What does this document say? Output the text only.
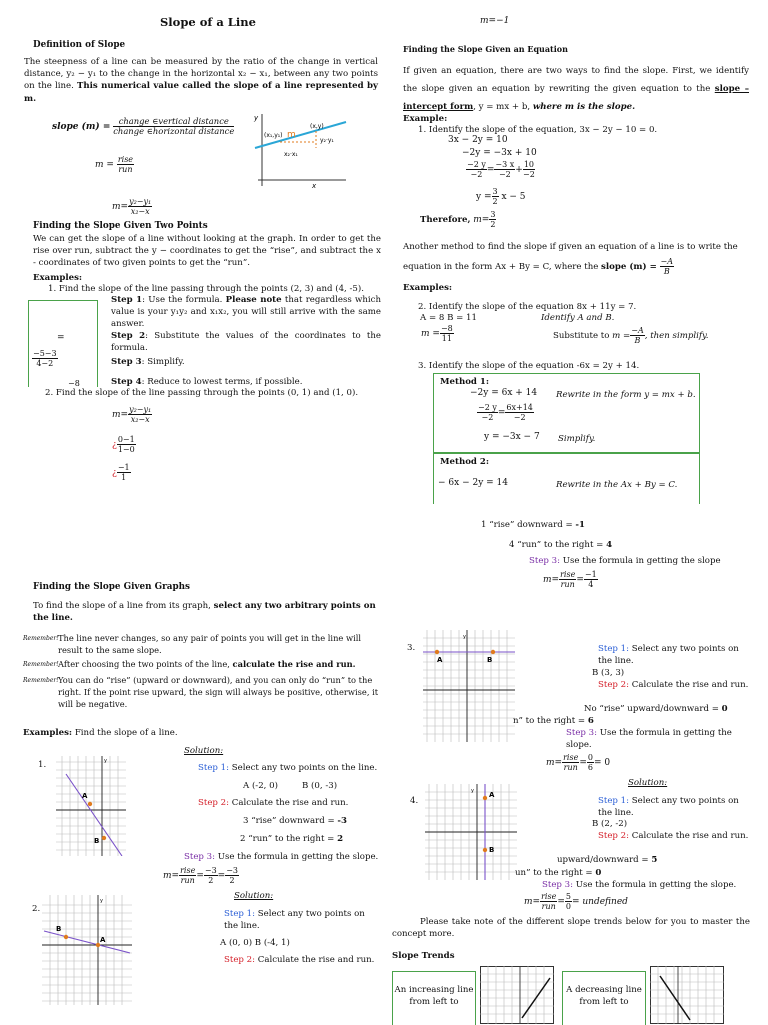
Slope of a Line
Definition of Slope
The steepness of a line can be measured by the ratio of the change in vertical distance, y₂ − y₁ to the change in the horizontal x₂ − x₁, between any two points on the line. This numerical value called the slope of a line represented by m.
slope $(m) = \frac{\text{change ∈vertical distance}}{\text{change ∈horizontal distance}}$
$m = \frac{\text{rise}}{\text{run}}$
$m= \frac{\text{y₂−y₁}}{\text{x₂−x}}$
(x₁,y₁) m
(x,y)
y₂·y₁
x₂·x₁
y
x
Finding the Slope Given Two Points
We can get the slope of a line without looking at the graph. In order to get the rise over run, subtract the y − coordinates to get the “rise”, and subtract the x - coordinates of two given points to get the “run”.
Examples:
1. Find the slope of the line passing through the points (2, 3) and (4, -5).
=
$\frac{-5-3}{4-2}$
−8
Step 1: Use the formula. Please note that regardless which value is your y₁y₂ and x₁x₂, you will still arrive with the same answer.
Step 2: Substitute the values of the coordinates to the formula.
Step 3: Simplify.
Step 4: Reduce to lowest terms, if possible.
2. Find the slope of the line passing through the points (0, 1) and (1, 0).
$m= \frac{\text{y₂−y₁}}{\text{x₂−x}}$
¿ $\frac{0-1}{1-0}$
¿ $\frac{-1}{1}$
Finding the Slope Given Graphs
To find the slope of a line from its graph, select any two arbitrary points on the line.
Remember! The line never changes, so any pair of points you will get in the line will result to the same slope.
Remember! After choosing the two points of the line, calculate the rise and run.
Remember! You can do “rise” (upward or downward), and you can only do “run” to the right. If the point rise upward, the sign will always be positive, otherwise, it will be negative.
Examples: Find the slope of a line.
Solution:
1.	Step 1: Select any two points on the line.
A (-2, 0)	B (0, -3)
Step 2: Calculate the rise and run.
3 “rise” downward = -3
2 “run” to the right = 2
Step 3: Use the formula in getting the slope.
$m= \frac{\text{rise}}{\text{run}} = \frac{-3}{2} = \frac{-3}{2}$
Solution:
2.	Step 1: Select any two points on the line.
A (0, 0) B (-4, 1)
Step 2: Calculate the rise and run.
A
B
y
B
A
y
m=−1
Finding the Slope Given an Equation
If given an equation, there are two ways to find the slope. First, we identify the slope given an equation by rewriting the given equation to the slope – intercept form, y = mx + b, where m is the slope.
Example:
1. Identify the slope of the equation, 3x − 2y − 10 = 0.
3x − 2y = 10
−2y = −3x + 10
$\frac{-2 y}{-2} = \frac{-3 x}{-2} + \frac{10}{-2}$
$y = \frac{3}{2}$ x − 5
Therefore, $m= \frac{3}{2}$
Another method to find the slope if given an equation of a line is to write the equation in the form Ax + By = C, where the slope $(m) = \frac{-A}{B}$
Examples:
2. Identify the slope of the equation 8x + 11y = 7.
A = 8 B = 11	Identify A and B.
$m = \frac{-8}{11}$	Substitute to $m = \frac{-A}{B}$ , then simplify.
3. Identify the slope of the equation -6x = 2y + 14.
Method 1:
−2y = 6x + 14 Rewrite in the form y = mx + b.
$\frac{-2 y}{-2} = \frac{6x+14}{-2}$
y = −3x − 7 Simplify.
Method 2:
− 6x − 2y = 14	Rewrite in the Ax + By = C.
1 “rise” downward = -1
4 “run” to the right = 4
Step 3: Use the formula in getting the slope
$m= \frac{\text{rise}}{\text{run}} = \frac{-1}{4}$
3.
A	B
y
Step 1: Select any two points on the line.
B (3, 3)
Step 2: Calculate the rise and run.
No “rise” upward/downward = 0
n” to the right = 6
Step 3: Use the formula in getting the slope.
$m= \frac{\text{rise}}{\text{run}} = \frac{0}{6} = 0$
Solution:
4.
A
B
y
Step 1: Select any two points on the line.
B (2, -2)
Step 2: Calculate the rise and run.
upward/downward = 5
un” to the right = 0
Step 3: Use the formula in getting the slope.
$m= \frac{\text{rise}}{\text{run}} = \frac{5}{0}$ = undefined
Please take note of the different slope trends below for you to master the concept more.
Slope Trends
An increasing line from left to
A decreasing line from left to
